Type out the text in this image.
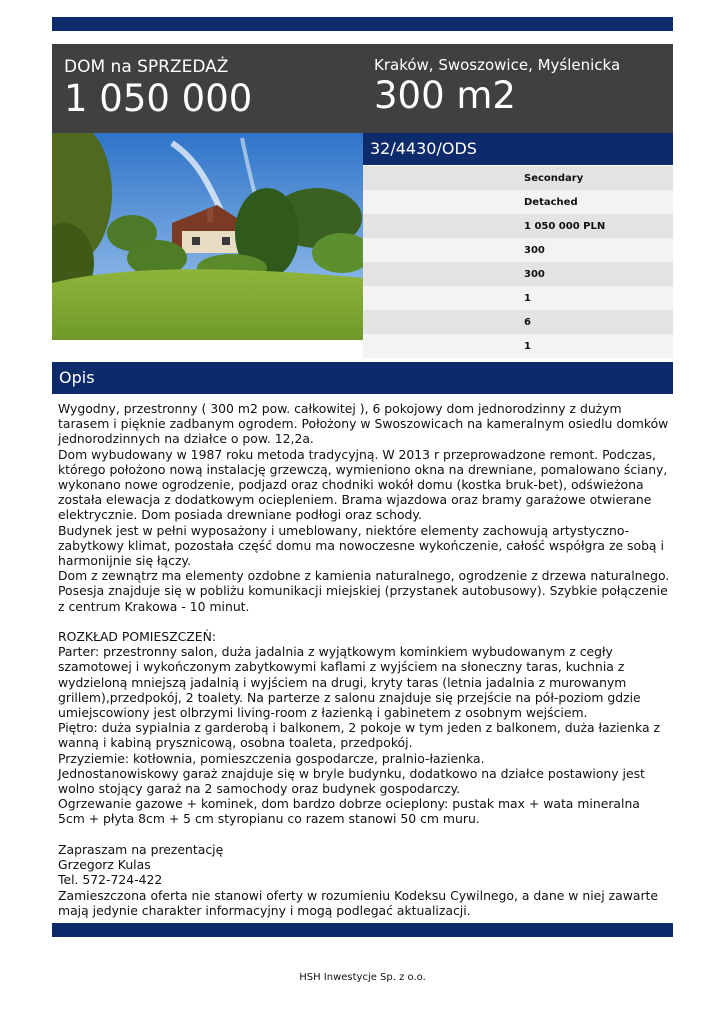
DOM na SPRZEDAŻ
1 050 000
Kraków, Swoszowice, Myślenicka
300 m2
32/4430/ODS
Secondary
Detached
1 050 000 PLN
300
300
1
6
1
Opis
Wygodny, przestronny ( 300 m2 pow. całkowitej ), 6 pokojowy dom jednorodzinny z dużym tarasem i pięknie zadbanym ogrodem. Położony w Swoszowicach na kameralnym osiedlu domków jednorodzinnych na działce o pow. 12,2a.
Dom wybudowany w 1987 roku metoda tradycyjną. W 2013 r przeprowadzone remont. Podczas, którego położono nową instalację grzewczą, wymieniono okna na drewniane, pomalowano ściany, wykonano nowe ogrodzenie, podjazd oraz chodniki wokół domu (kostka bruk-bet), odświeżona została elewacja z dodatkowym ociepleniem. Brama wjazdowa oraz bramy garażowe otwierane elektrycznie. Dom posiada drewniane podłogi oraz schody.
Budynek jest w pełni wyposażony i umeblowany, niektóre elementy zachowują artystyczno-zabytkowy klimat, pozostała część domu ma nowoczesne wykończenie, całość współgra ze sobą i harmonijnie się łączy.
Dom z zewnątrz ma elementy ozdobne z kamienia naturalnego, ogrodzenie z drzewa naturalnego. Posesja znajduje się w pobliżu komunikacji miejskiej (przystanek autobusowy). Szybkie połączenie z centrum Krakowa - 10 minut.

ROZKŁAD POMIESZCZEŃ:
Parter: przestronny salon, duża jadalnia z wyjątkowym kominkiem wybudowanym z cegły szamotowej i wykończonym zabytkowymi kaflami z wyjściem na słoneczny taras, kuchnia z wydzieloną mniejszą jadalnią i wyjściem na drugi, kryty taras (letnia jadalnia z murowanym grillem),przedpokój, 2 toalety. Na parterze z salonu znajduje się przejście na pół-poziom gdzie umiejscowiony jest olbrzymi living-room z łazienką i gabinetem z osobnym wejściem.
Piętro: duża sypialnia z garderobą i balkonem, 2 pokoje w tym jeden z balkonem, duża łazienka z wanną i kabiną prysznicową, osobna toaleta, przedpokój.
Przyziemie: kotłownia, pomieszczenia gospodarcze, pralnio-łazienka.
Jednostanowiskowy garaż znajduje się w bryle budynku, dodatkowo na działce postawiony jest wolno stojący garaż na 2 samochody oraz budynek gospodarczy.
Ogrzewanie gazowe + kominek, dom bardzo dobrze ocieplony: pustak max + wata mineralna 5cm + płyta 8cm + 5 cm styropianu co razem stanowi 50 cm muru.

Zapraszam na prezentację
Grzegorz Kulas
Tel. 572-724-422
Zamieszczona oferta nie stanowi oferty w rozumieniu Kodeksu Cywilnego, a dane w niej zawarte mają jedynie charakter informacyjny i mogą podlegać aktualizacji.
HSH Inwestycje Sp. z o.o.
